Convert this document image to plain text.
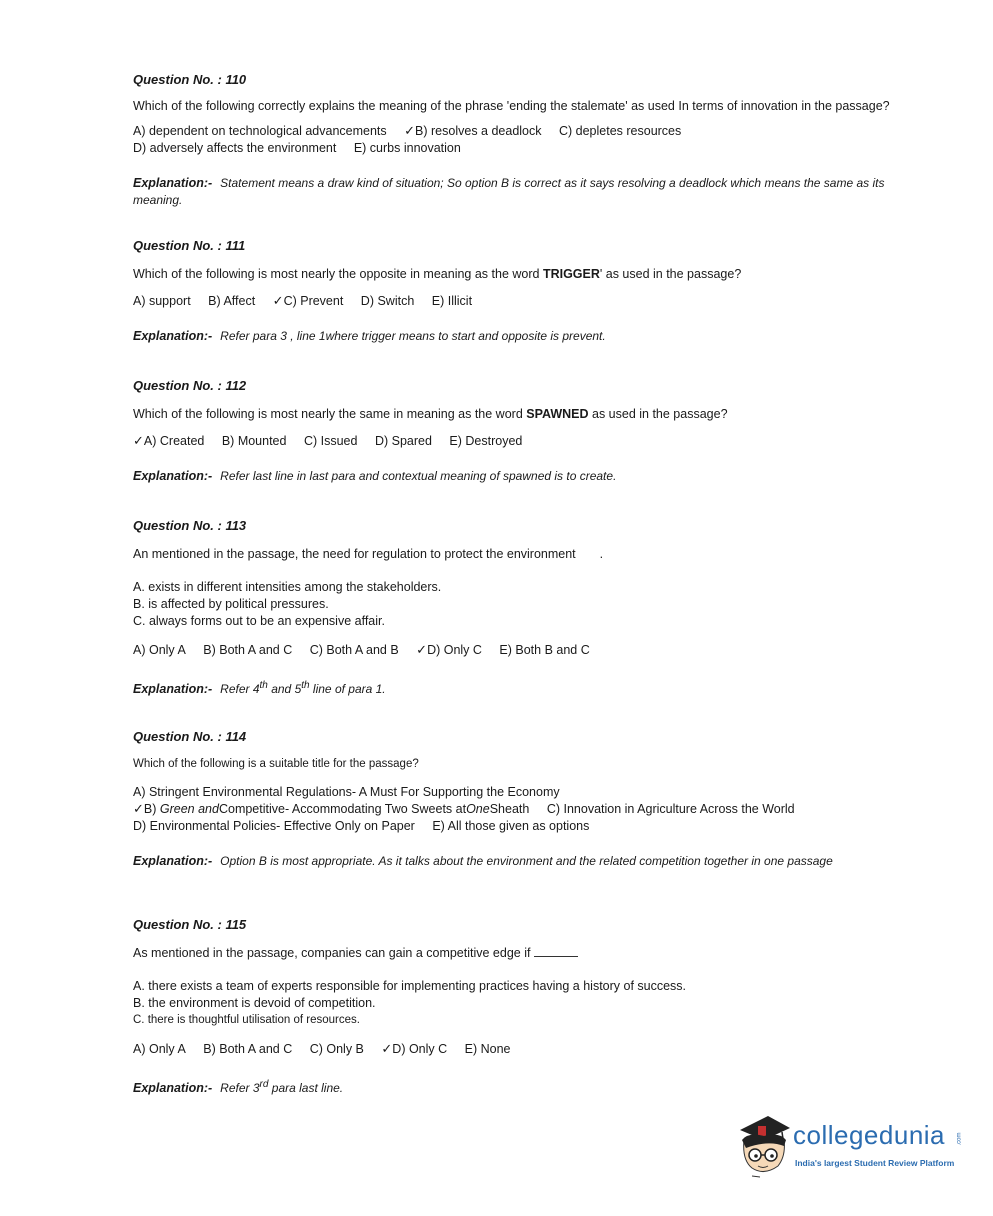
Question No. : 110

Which of the following correctly explains the meaning of the phrase 'ending the stalemate' as used In terms of innovation in the passage?

A) dependent on technological advancements ✓B) resolves a deadlock C) depletes resources
D) adversely affects the environment E) curbs innovation

Explanation:- Statement means a draw kind of situation; So option B is correct as it says resolving a deadlock which means the same as its meaning.

Question No. : 111

Which of the following is most nearly the opposite in meaning as the word TRIGGER' as used in the passage?

A) support B) Affect ✓C) Prevent D) Switch E) Illicit

Explanation:- Refer para 3 , line 1where trigger means to start and opposite is prevent.

Question No. : 112

Which of the following is most nearly the same in meaning as the word SPAWNED as used in the passage?

✓A) Created B) Mounted C) Issued D) Spared E) Destroyed

Explanation:- Refer last line in last para and contextual meaning of spawned is to create.

Question No. : 113

An mentioned in the passage, the need for regulation to protect the environment .

A. exists in different intensities among the stakeholders.

B. is affected by political pressures.

C. always forms out to be an expensive affair.

A) Only A B) Both A and C C) Both A and B ✓D) Only C E) Both B and C

Explanation:- Refer 4th and 5th line of para 1.

Question No. : 114

Which of the following is a suitable title for the passage?

A) Stringent Environmental Regulations- A Must For Supporting the Economy
✓B) Green andCompetitive- Accommodating Two Sweets atOneSheath C) Innovation in Agriculture Across the World
D) Environmental Policies- Effective Only on Paper E) All those given as options

Explanation:- Option B is most appropriate. As it talks about the environment and the related competition together in one passage

Question No. : 115

As mentioned in the passage, companies can gain a competitive edge if

A. there exists a team of experts responsible for implementing practices having a history of success.

B. the environment is devoid of competition.

C. there is thoughtful utilisation of resources.

A) Only A B) Both A and C C) Only B ✓D) Only C E) None

Explanation:- Refer 3rd para last line.

collegedunia .com
India's largest Student Review Platform
